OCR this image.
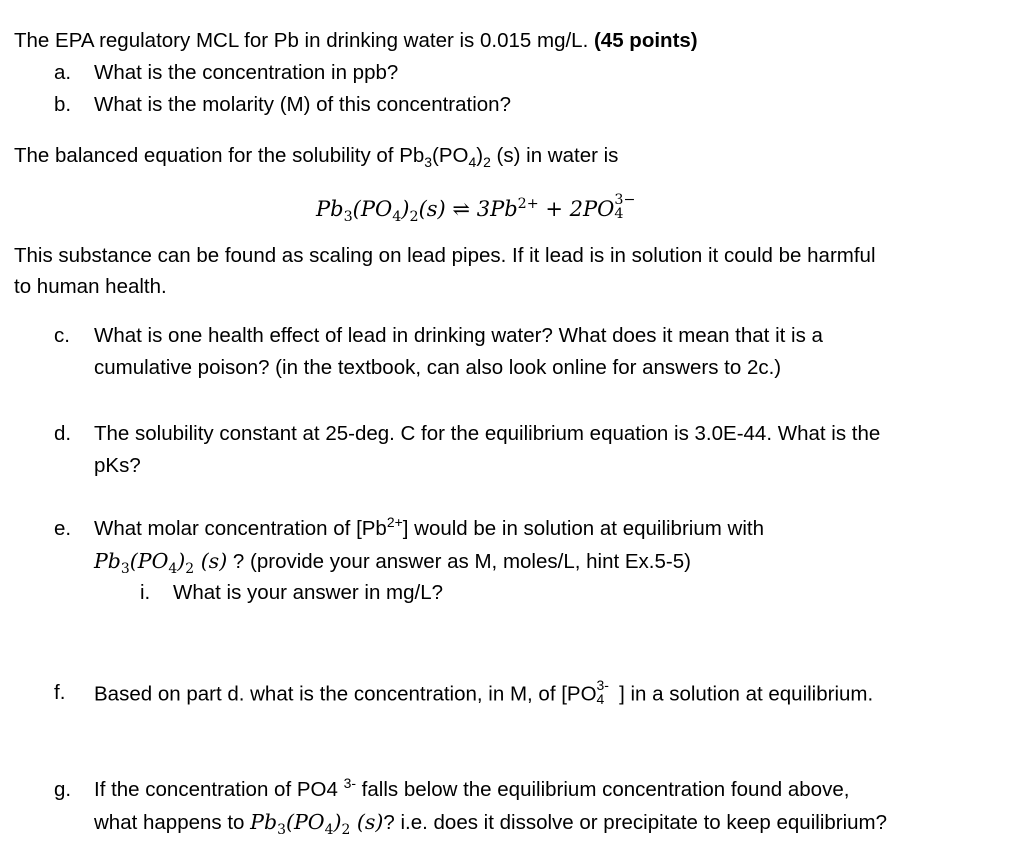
The EPA regulatory MCL for Pb in drinking water is 0.015 mg/L. (45 points)
a. What is the concentration in ppb?
b. What is the molarity (M) of this concentration?
The balanced equation for the solubility of $Pb_3(PO_4)_2$ (s) in water is
$Pb_3(PO_4)_2(s)$ ⇌ $3Pb^{2+} + 2PO$ 3−
4
This substance can be found as scaling on lead pipes. If it lead is in solution it could be harmful
to human health.
c. What is one health effect of lead in drinking water? What does it mean that it is a
cumulative poison? (in the textbook, can also look online for answers to 2c.)
d. The solubility constant at 25-deg. C for the equilibrium equation is 3.0E-44. What is the
pKs?
e. What molar concentration of $[Pb^{2+}]$ would be in solution at equilibrium with
$Pb_3(PO_4)_2$ (s) ? (provide your answer as M, moles/L, hint Ex.5-5)
i. What is your answer in mg/L?
f. Based on part d. what is the concentration, in M, of [PO 3-
4 ] in a solution at equilibrium.
g. If the concentration of PO4 $^{3-}$ falls below the equilibrium concentration found above,
what happens to $Pb_3(PO_4)_2$ (s)? i.e. does it dissolve or precipitate to keep equilibrium?
